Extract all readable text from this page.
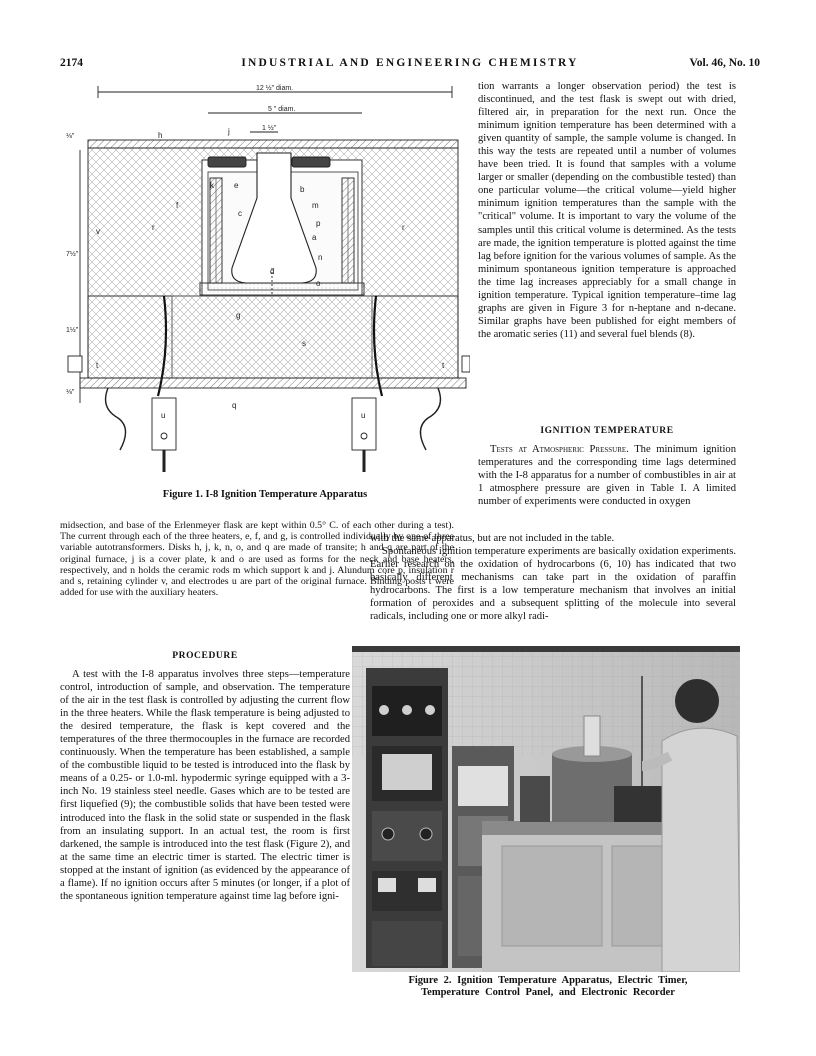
INDUSTRIAL AND ENGINEERING CHEMISTRY
2174	Vol. 46, No. 10
12 ½" diam.
5 " diam.
1 ½"
7½"
⅛"
⅛"
1½"
h	j
e
k	b
f	m
c
r	p
a
r
v
n
d
o
g
s
t	t
q
u	u
Figure 1. I-8 Ignition Temperature Apparatus
midsection, and base of the Erlenmeyer flask are kept within 0.5° C. of each other during a test). The current through each of the three heaters, e, f, and g, is controlled individually by one of three variable autotransformers. Disks h, j, k, n, o, and q are made of transite; h and q are part of the original furnace, j is a cover plate, k and o are used as forms for the neck and base heaters, respectively, and n holds the ceramic rods m which support k and j. Alundum core p, insulation r and s, retaining cylinder v, and electrodes u are part of the original furnace. Binding posts t were added for use with the auxiliary heaters.
PROCEDURE
A test with the I-8 apparatus involves three steps—temperature control, introduction of sample, and observation. The temperature of the air in the test flask is controlled by adjusting the current flow in the three heaters. While the flask temperature is being adjusted to the desired temperature, the flask is kept covered and the temperatures of the three thermocouples in the furnace are recorded continuously. When the temperature has been established, a sample of the combustible liquid to be tested is introduced into the flask by means of a 0.25- or 1.0-ml. hypodermic syringe equipped with a 3-inch No. 19 stainless steel needle. Gases which are to be tested are first liquefied (9); the combustible solids that have been tested were introduced into the flask in the solid state or suspended in the flask from an insulating support. In an actual test, the room is first darkened, the sample is introduced into the test flask (Figure 2), and at the same time an electric timer is started. The electric timer is stopped at the instant of ignition (as evidenced by the appearance of a flame). If no ignition occurs after 5 minutes (or longer, if a plot of the spontaneous ignition temperature against time lag before igni-
tion warrants a longer observation period) the test is discontinued, and the test flask is swept out with dried, filtered air, in preparation for the next run. Once the minimum ignition temperature has been determined with a given quantity of sample, the sample volume is changed. In this way the tests are repeated until a number of volumes have been tried. It is found that samples with a volume larger or smaller (depending on the combustible tested) than one particular volume—the critical volume—yield higher minimum ignition temperatures than the sample with the "critical" volume. It is important to vary the volume of the samples until this critical volume is determined. As the tests are made, the ignition temperature is plotted against the time lag before ignition for the various volumes of sample. As the minimum spontaneous ignition temperature is approached the time lag increases appreciably for a small change in ignition temperature. Typical ignition temperature–time lag graphs are given in Figure 3 for n-heptane and n-decane. Similar graphs have been published for eight members of the aromatic series (11) and several fuel blends (8).
IGNITION TEMPERATURE
Tests at Atmospheric Pressure. The minimum ignition temperatures and the corresponding time lags determined with the I-8 apparatus for a number of combustibles in air at 1 atmosphere pressure are given in Table I. A limited number of experiments were conducted in oxygen
with the same apparatus, but are not included in the table.
Spontaneous ignition temperature experiments are basically oxidation experiments. Earlier research on the oxidation of hydrocarbons (6, 10) has indicated that two basically different mechanisms can take part in the oxidation of paraffin hydrocarbons. The first is a low temperature mechanism that involves an initial formation of peroxides and a subsequent splitting of the molecule into several radicals, including one or more alkyl radi-
Figure 2. Ignition Temperature Apparatus, Electric Timer,
Temperature Control Panel, and Electronic Recorder
